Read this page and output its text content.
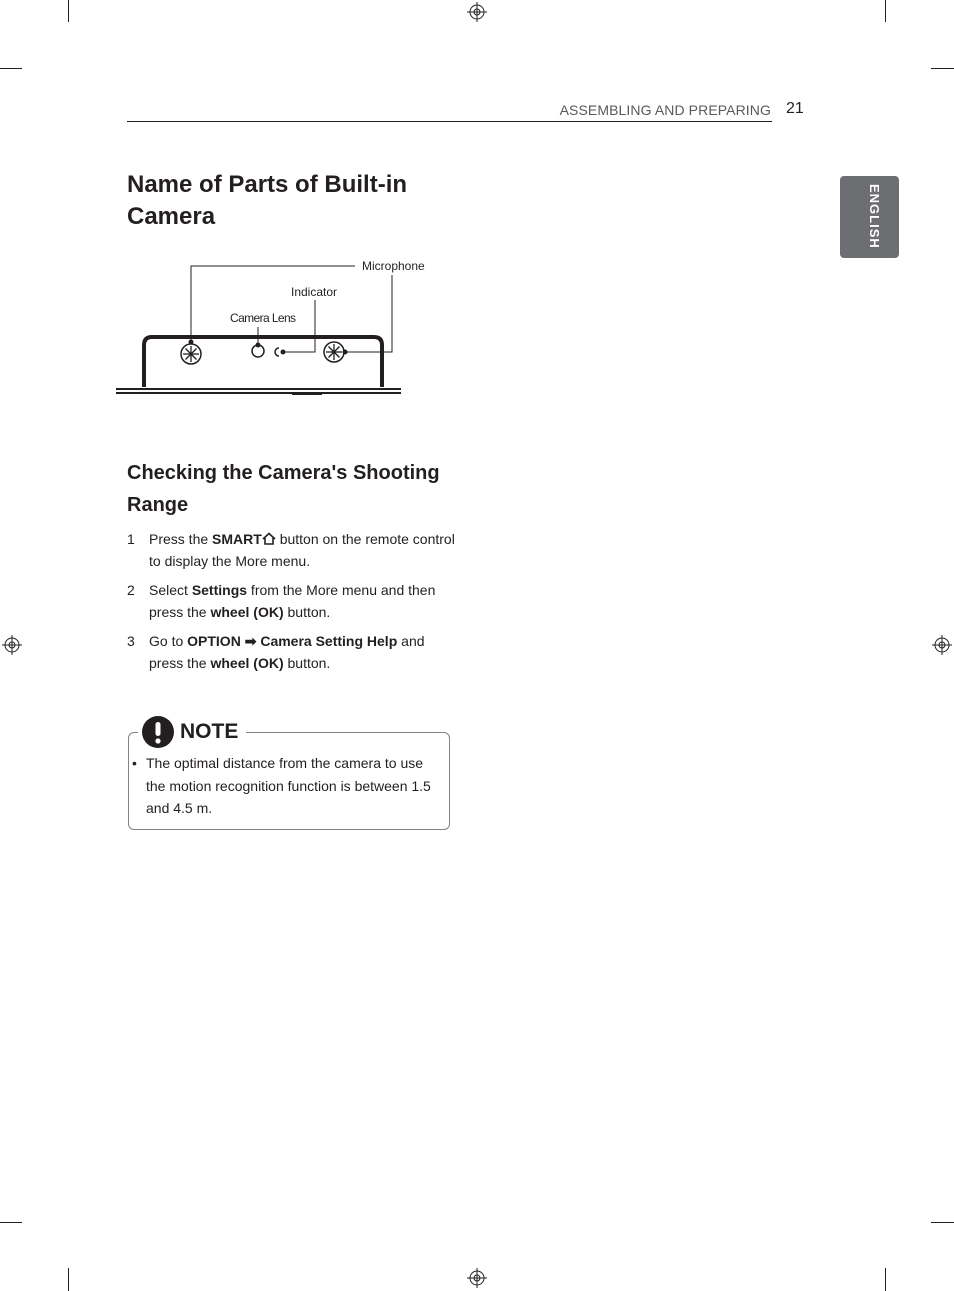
ASSEMBLING AND PREPARING 21
ENGLISH
Name of Parts of Built-in Camera
Microphone
Indicator
Camera Lens
Checking the Camera's Shooting Range
1 Press the SMART button on the remote control to display the More menu.
2 Select Settings from the More menu and then press the wheel (OK) button.
3 Go to OPTION ➡ Camera Setting Help and press the wheel (OK) button.
NOTE
• The optimal distance from the camera to use the motion recognition function is between 1.5 and 4.5 m.
